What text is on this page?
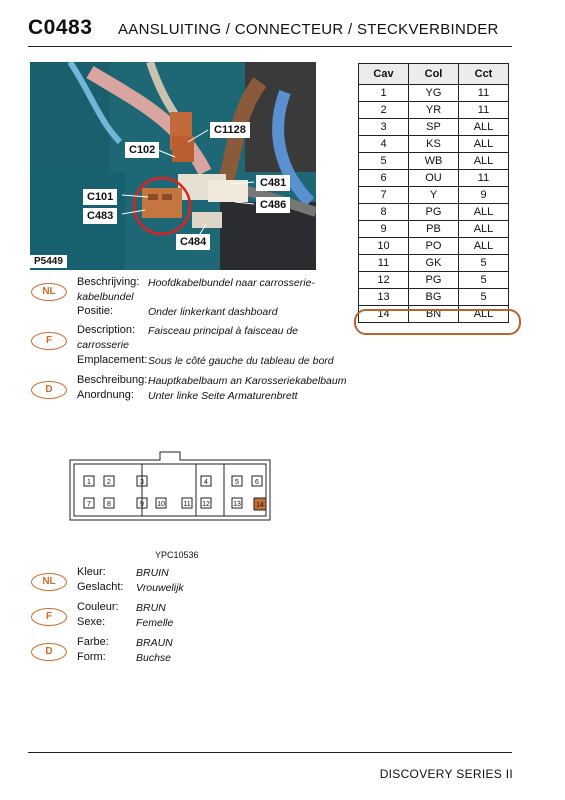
C0483 AANSLUITING / CONNECTEUR / STECKVERBINDER
C1128
C102
C481
C101
C486
C483
C484
P5449
Cav	Col	Cct
1	YG	11
2	YR	11
3	SP	ALL
4	KS	ALL
5	WB	ALL
6	OU	11
7	Y	9
8	PG	ALL
9	PB	ALL
10	PO	ALL
11	GK	5
12	PG	5
13	BG	5
14	BN	ALL
NL
Beschrijving: Hoofdkabelbundel naar carrosserie-
kabelbundel
Positie:	Onder linkerkant dashboard
F
Description: Faisceau principal à faisceau de
carrosserie
Emplacement: Sous le côté gauche du tableau de bord
D
Beschreibung: Hauptkabelbaum an Karosseriekabelbaum
Anordnung: Unter linke Seite Armaturenbrett
1 2	3	4	5 6
7 8	9 10	11 12	13 14
YPC10536
NL
Kleur:	BRUIN
Geslacht: Vrouwelijk
F
Couleur: BRUN
Sexe:	Femelle
D
Farbe:	BRAUN
Form:	Buchse
DISCOVERY SERIES II
